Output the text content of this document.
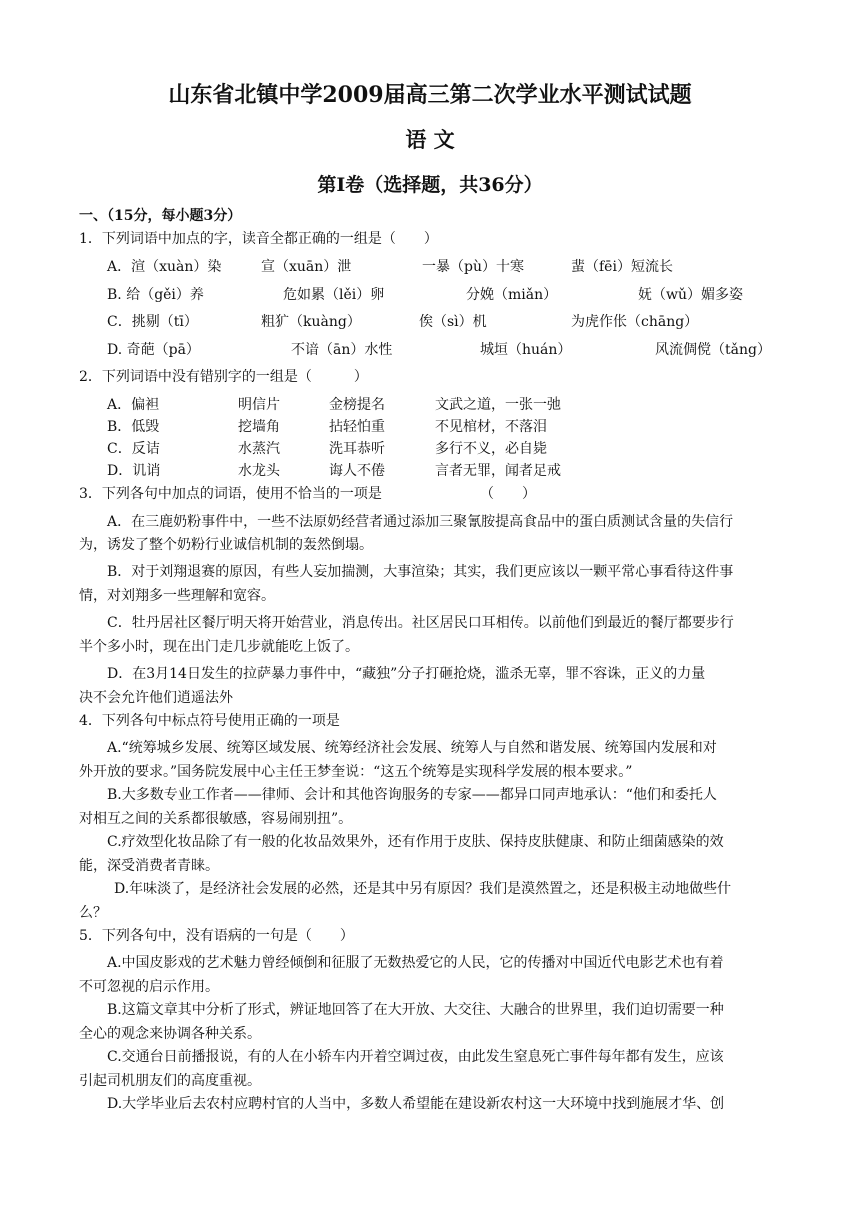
山东省北镇中学2009届高三第二次学业水平测试试题
语 文
第Ⅰ卷（选择题，共36分）
一、（15分，每小题3分）
1．下列词语中加点的字，读音全都正确的一组是（　　）
A．渲（xuàn）染	宣（xuān）泄	一暴（pù）十寒	蜚（fēi）短流长
B. 给（gěi）养	危如累（lěi）卵	分娩（miǎn）	妩（wǔ）媚多姿
C．挑剔（tī）	粗犷（kuàng）	俟（sì）机	为虎作伥（chāng）
D. 奇葩（pā）	不谙（ān）水性	城垣（huán）	风流倜傥（tǎng）
2．下列词语中没有错别字的一组是（　　　）
A．偏袒	明信片	金榜提名	文武之道，一张一弛
B．低毁	挖墙角	拈轻怕重	不见棺材，不落泪
C．反诘	水蒸汽	洗耳恭听	多行不义，必自毙
D．讥诮	水龙头	诲人不倦	言者无罪，闻者足戒
3．下列各句中加点的词语，使用不恰当的一项是	（　　）
A．在三鹿奶粉事件中，一些不法原奶经营者通过添加三聚氰胺提高食品中的蛋白质测试含量的失信行
为，诱发了整个奶粉行业诚信机制的轰然倒塌。
B．对于刘翔退赛的原因，有些人妄加揣测，大事渲染；其实，我们更应该以一颗平常心事看待这件事
情，对刘翔多一些理解和宽容。
C．牡丹居社区餐厅明天将开始营业，消息传出。社区居民口耳相传。以前他们到最近的餐厅都要步行
半个多小时，现在出门走几步就能吃上饭了。
D．在3月14日发生的拉萨暴力事件中，“藏独”分子打砸抢烧，滥杀无辜，罪不容诛，正义的力量
决不会允许他们逍遥法外
4．下列各句中标点符号使用正确的一项是
A.“统筹城乡发展、统筹区域发展、统筹经济社会发展、统筹人与自然和谐发展、统筹国内发展和对
外开放的要求。”国务院发展中心主任王梦奎说：“这五个统筹是实现科学发展的根本要求。”
B.大多数专业工作者——律师、会计和其他咨询服务的专家——都异口同声地承认：“他们和委托人
对相互之间的关系都很敏感，容易闹别扭”。
C.疗效型化妆品除了有一般的化妆品效果外，还有作用于皮肤、保持皮肤健康、和防止细菌感染的效
能，深受消费者青睐。
D.年味淡了，是经济社会发展的必然，还是其中另有原因？我们是漠然置之，还是积极主动地做些什
么？
5．下列各句中，没有语病的一句是（　　）
A.中国皮影戏的艺术魅力曾经倾倒和征服了无数热爱它的人民，它的传播对中国近代电影艺术也有着
不可忽视的启示作用。
B.这篇文章其中分析了形式，辨证地回答了在大开放、大交往、大融合的世界里，我们迫切需要一种
全心的观念来协调各种关系。
C.交通台日前播报说，有的人在小轿车内开着空调过夜，由此发生窒息死亡事件每年都有发生，应该
引起司机朋友们的高度重视。
D.大学毕业后去农村应聘村官的人当中，多数人希望能在建设新农村这一大环境中找到施展才华、创
